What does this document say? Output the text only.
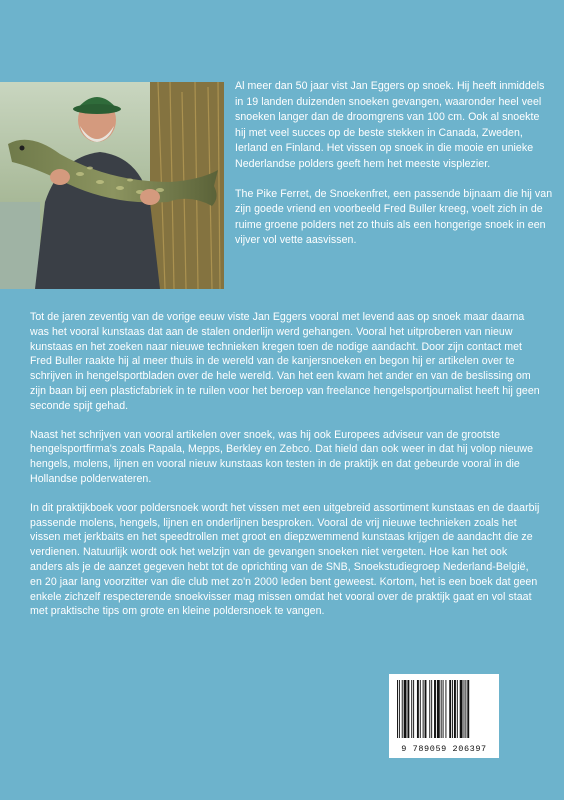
Al meer dan 50 jaar vist Jan Eggers op snoek. Hij heeft inmiddels in 19 landen duizenden snoeken gevangen, waaronder heel veel snoeken langer dan de droomgrens van 100 cm. Ook al snoekte hij met veel succes op de beste stekken in Canada, Zweden, Ierland en Finland. Het vissen op snoek in die mooie en unieke Nederlandse polders geeft hem het meeste visplezier.

The Pike Ferret, de Snoekenfret, een passende bijnaam die hij van zijn goede vriend en voorbeeld Fred Buller kreeg, voelt zich in de ruime groene polders net zo thuis als een hongerige snoek in een vijver vol vette aasvissen.

Tot de jaren zeventig van de vorige eeuw viste Jan Eggers vooral met levend aas op snoek maar daarna was het vooral kunstaas dat aan de stalen onderlijn werd gehangen. Vooral het uitproberen van nieuw kunstaas en het zoeken naar nieuwe technieken kregen toen de nodige aandacht. Door zijn contact met Fred Buller raakte hij al meer thuis in de wereld van de kanjersnoeken en begon hij er artikelen over te schrijven in hengelsportbladen over de hele wereld. Van het een kwam het ander en van de beslissing om zijn baan bij een plasticfabriek in te ruilen voor het beroep van freelance hengelsportjournalist heeft hij geen seconde spijt gehad.

Naast het schrijven van vooral artikelen over snoek, was hij ook Europees adviseur van de grootste hengelsportfirma's zoals Rapala, Mepps, Berkley en Zebco. Dat hield dan ook weer in dat hij volop nieuwe hengels, molens, lijnen en vooral nieuw kunstaas kon testen in de praktijk en dat gebeurde vooral in die Hollandse polderwateren.

In dit praktijkboek voor poldersnoek wordt het vissen met een uitgebreid assortiment kunstaas en de daarbij passende molens, hengels, lijnen en onderlijnen besproken. Vooral de vrij nieuwe technieken zoals het vissen met jerkbaits en het speedtrollen met groot en diepzwemmend kunstaas krijgen de aandacht die ze verdienen. Natuurlijk wordt ook het welzijn van de gevangen snoeken niet vergeten. Hoe kan het ook anders als je de aanzet gegeven hebt tot de oprichting van de SNB, Snoekstudiegroep Nederland-België, en 20 jaar lang voorzitter van die club met zo'n 2000 leden bent geweest. Kortom, het is een boek dat geen enkele zichzelf respecterende snoekvisser mag missen omdat het vooral over de praktijk gaat en vol staat met praktische tips om grote en kleine poldersnoek te vangen.

9 789059 206397
